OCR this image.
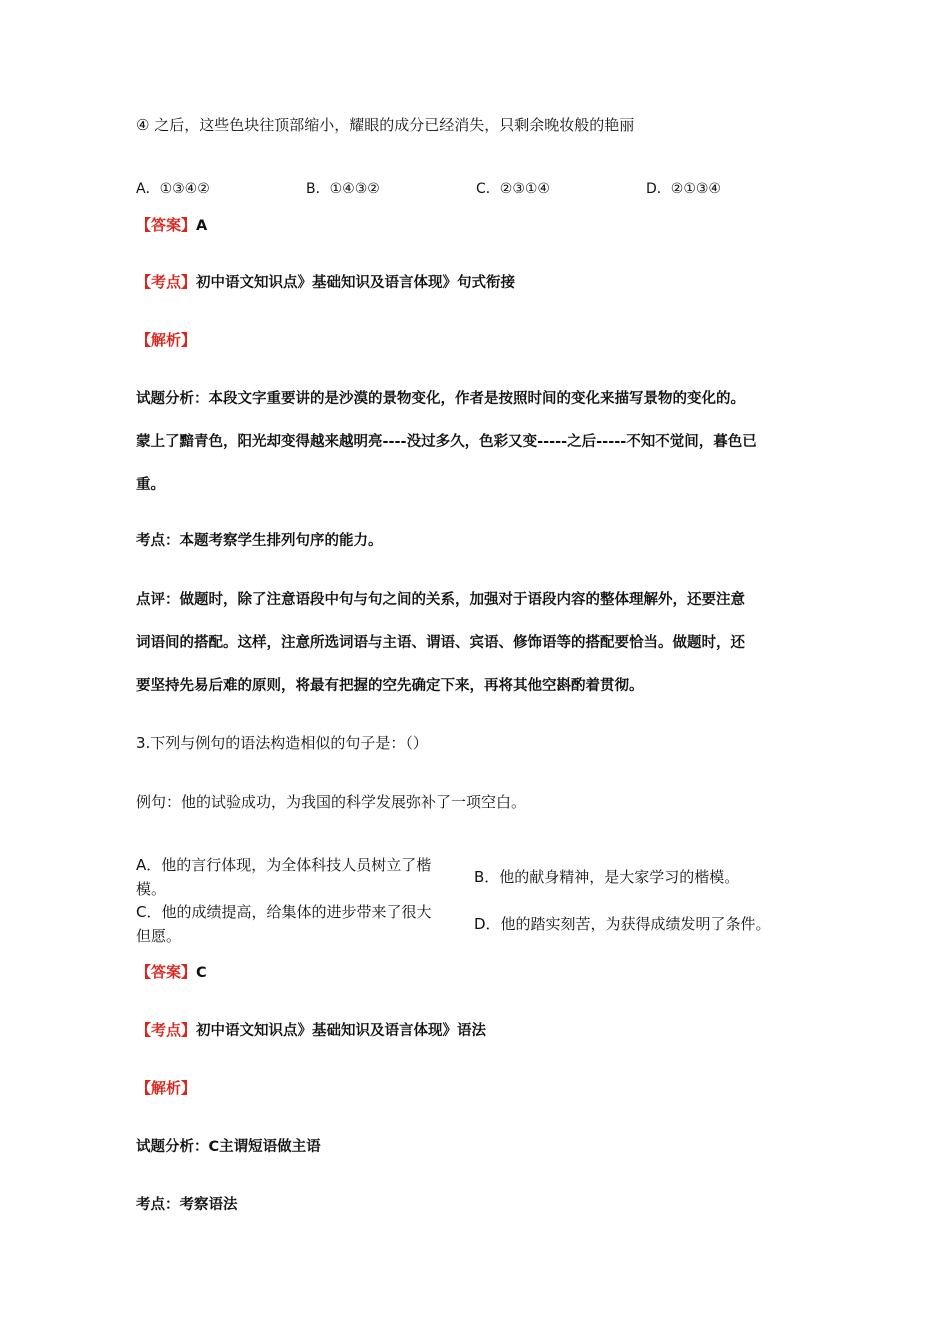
④ 之后，这些色块往顶部缩小，耀眼的成分已经消失，只剩余晚妆般的艳丽
A．①③④②	B．①④③②	C．②③①④	D．②①③④
【答案】A
【考点】初中语文知识点》基础知识及语言体现》句式衔接
【解析】
试题分析：本段文字重要讲的是沙漠的景物变化，作者是按照时间的变化来描写景物的变化的。
蒙上了黯青色，阳光却变得越来越明亮----没过多久，色彩又变-----之后-----不知不觉间，暮色已
重。
考点：本题考察学生排列句序的能力。
点评：做题时，除了注意语段中句与句之间的关系，加强对于语段内容的整体理解外，还要注意
词语间的搭配。这样，注意所选词语与主语、谓语、宾语、修饰语等的搭配要恰当。做题时，还
要坚持先易后难的原则，将最有把握的空先确定下来，再将其他空斟酌着贯彻。
3.下列与例句的语法构造相似的句子是：（）
例句：他的试验成功，为我国的科学发展弥补了一项空白。
A．他的言行体现，为全体科技人员树立了楷
模。
B．他的献身精神，是大家学习的楷模。
C．他的成绩提高，给集体的进步带来了很大
但愿。
D．他的踏实刻苦，为获得成绩发明了条件。
【答案】C
【考点】初中语文知识点》基础知识及语言体现》语法
【解析】
试题分析：C主谓短语做主语
考点：考察语法
